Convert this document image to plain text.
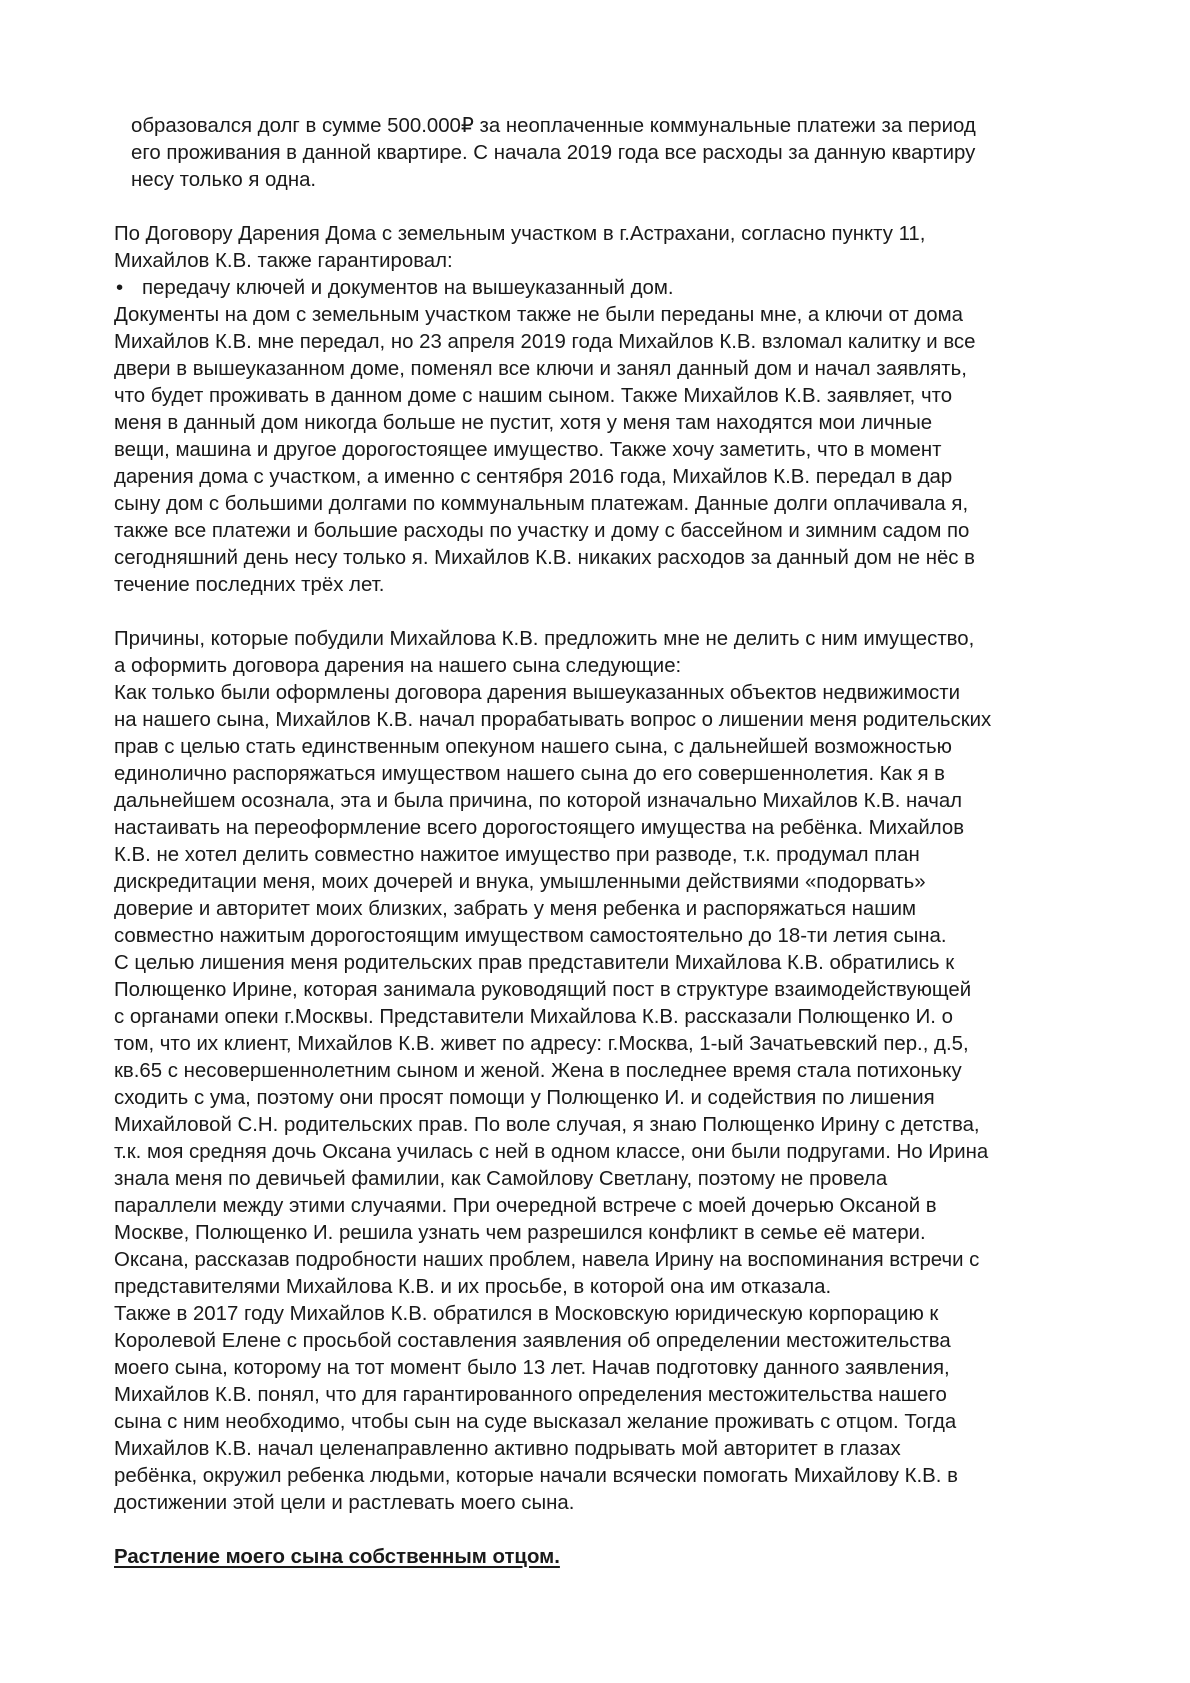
образовался долг в сумме 500.000₽ за неоплаченные коммунальные платежи за период
его проживания в данной квартире. С начала 2019 года все расходы за данную квартиру
несу только я одна.

По Договору Дарения Дома с земельным участком в г.Астрахани, согласно пункту 11,
Михайлов К.В. также гарантировал:

• передачу ключей и документов на вышеуказанный дом.

Документы на дом с земельным участком также не были переданы мне, а ключи от дома
Михайлов К.В. мне передал, но 23 апреля 2019 года Михайлов К.В. взломал калитку и все
двери в вышеуказанном доме, поменял все ключи и занял данный дом и начал заявлять,
что будет проживать в данном доме с нашим сыном. Также Михайлов К.В. заявляет, что
меня в данный дом никогда больше не пустит, хотя у меня там находятся мои личные
вещи, машина и другое дорогостоящее имущество. Также хочу заметить, что в момент
дарения дома с участком, а именно с сентября 2016 года, Михайлов К.В. передал в дар
сыну дом с большими долгами по коммунальным платежам. Данные долги оплачивала я,
также все платежи и большие расходы по участку и дому с бассейном и зимним садом по
сегодняшний день несу только я. Михайлов К.В. никаких расходов за данный дом не нёс в
течение последних трёх лет.

Причины, которые побудили Михайлова К.В. предложить мне не делить с ним имущество,
а оформить договора дарения на нашего сына следующие:

Как только были оформлены договора дарения вышеуказанных объектов недвижимости
на нашего сына, Михайлов К.В. начал прорабатывать вопрос о лишении меня родительских
прав с целью стать единственным опекуном нашего сына, с дальнейшей возможностью
единолично распоряжаться имуществом нашего сына до его совершеннолетия. Как я в
дальнейшем осознала, эта и была причина, по которой изначально Михайлов К.В. начал
настаивать на переоформление всего дорогостоящего имущества на ребёнка. Михайлов
К.В. не хотел делить совместно нажитое имущество при разводе, т.к. продумал план
дискредитации меня, моих дочерей и внука, умышленными действиями «подорвать»
доверие и авторитет моих близких, забрать у меня ребенка и распоряжаться нашим
совместно нажитым дорогостоящим имуществом самостоятельно до 18-ти летия сына.
С целью лишения меня родительских прав представители Михайлова К.В. обратились к
Полющенко Ирине, которая занимала руководящий пост в структуре взаимодействующей
с органами опеки г.Москвы. Представители Михайлова К.В. рассказали Полющенко И. о
том, что их клиент, Михайлов К.В. живет по адресу: г.Москва, 1-ый Зачатьевский пер., д.5,
кв.65 с несовершеннолетним сыном и женой. Жена в последнее время стала потихоньку
сходить с ума, поэтому они просят помощи у Полющенко И. и содействия по лишения
Михайловой С.Н. родительских прав. По воле случая, я знаю Полющенко Ирину с детства,
т.к. моя средняя дочь Оксана училась с ней в одном классе, они были подругами. Но Ирина
знала меня по девичьей фамилии, как Самойлову Светлану, поэтому не провела
параллели между этими случаями. При очередной встрече с моей дочерью Оксаной в
Москве, Полющенко И. решила узнать чем разрешился конфликт в семье её матери.
Оксана, рассказав подробности наших проблем, навела Ирину на воспоминания встречи с
представителями Михайлова К.В. и их просьбе, в которой она им отказала.
Также в 2017 году Михайлов К.В. обратился в Московскую юридическую корпорацию к
Королевой Елене с просьбой составления заявления об определении местожительства
моего сына, которому на тот момент было 13 лет. Начав подготовку данного заявления,
Михайлов К.В. понял, что для гарантированного определения местожительства нашего
сына с ним необходимо, чтобы сын на суде высказал желание проживать с отцом. Тогда
Михайлов К.В. начал целенаправленно активно подрывать мой авторитет в глазах
ребёнка, окружил ребенка людьми, которые начали всячески помогать Михайлову К.В. в
достижении этой цели и растлевать моего сына.

Растление моего сына собственным отцом.
